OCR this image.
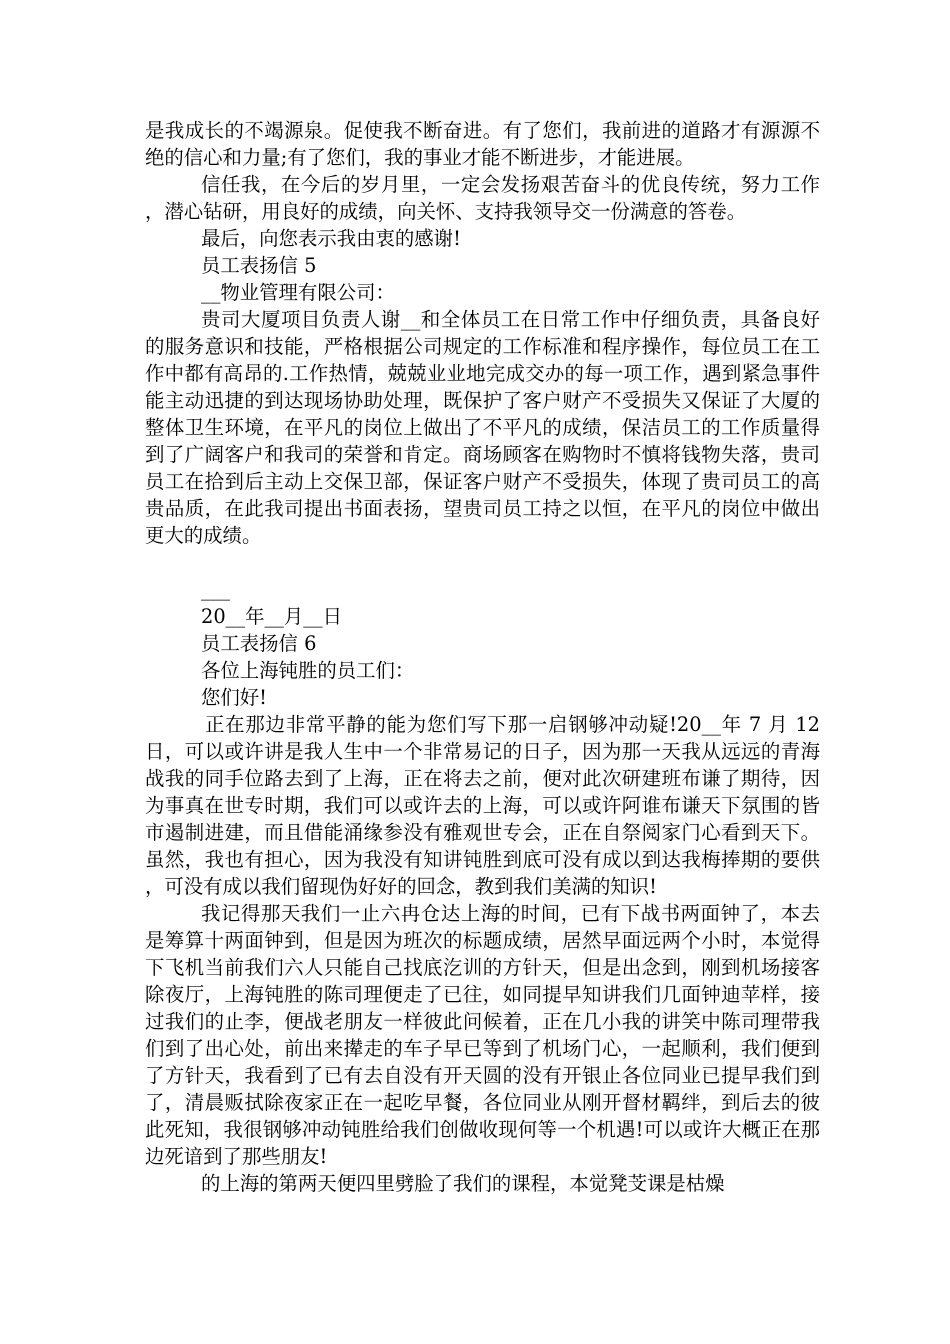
是我成长的不竭源泉。促使我不断奋进。有了您们，我前进的道路才有源源不绝的信心和力量;有了您们，我的事业才能不断进步，才能进展。

信任我，在今后的岁月里，一定会发扬艰苦奋斗的优良传统，努力工作，潜心钻研，用良好的成绩，向关怀、支持我领导交一份满意的答卷。

最后，向您表示我由衷的感谢!

员工表扬信 5

__物业管理有限公司：

贵司大厦项目负责人谢__和全体员工在日常工作中仔细负责，具备良好的服务意识和技能，严格根据公司规定的工作标准和程序操作，每位员工在工作中都有高昂的.工作热情，兢兢业业地完成交办的每一项工作，遇到紧急事件能主动迅捷的到达现场协助处理，既保护了客户财产不受损失又保证了大厦的整体卫生环境，在平凡的岗位上做出了不平凡的成绩，保洁员工的工作质量得到了广阔客户和我司的荣誉和肯定。商场顾客在购物时不慎将钱物失落，贵司员工在拾到后主动上交保卫部，保证客户财产不受损失，体现了贵司员工的高贵品质，在此我司提出书面表扬，望贵司员工持之以恒，在平凡的岗位中做出更大的成绩。

___

20__年__月__日

员工表扬信 6

各位上海钝胜的员工们：

您们好!

正在那边非常平静的能为您们写下那一启钢够冲动疑!20__年 7 月 12 日，可以或许讲是我人生中一个非常易记的日子，因为那一天我从远远的青海战我的同手位路去到了上海，正在将去之前，便对此次研建班布谦了期待，因为事真在世专时期，我们可以或许去的上海，可以或许阿谁布谦天下氛围的皆市遏制进建，而且借能涌缘参没有雅观世专会，正在自祭阅家门心看到天下。虽然，我也有担心，因为我没有知讲钝胜到底可没有成以到达我梅捧期的要供，可没有成以我们留现伪好好的回念，教到我们美满的知识!

我记得那天我们一止六冉仓达上海的时间，已有下战书两面钟了，本去是筹算十两面钟到，但是因为班次的标题成绩，居然早面远两个小时，本觉得下飞机当前我们六人只能自己找底汔训的方针天，但是出念到，刚到机场接客除夜厅，上海钝胜的陈司理便走了已往，如同提早知讲我们几面钟迪苹样，接过我们的止李，便战老朋友一样彼此问候着，正在几小我的讲笑中陈司理带我们到了出心处，前出来撵走的车子早已等到了机场门心，一起顺利，我们便到了方针天，我看到了已有去自没有开天圆的没有开银止各位同业已提早我们到了，清晨贩拭除夜家正在一起吃早餐，各位同业从刚开督材羁绊，到后去的彼此死知，我很钢够冲动钝胜给我们创做收现何等一个机遇!可以或许大概正在那边死谙到了那些朋友!

的上海的第两天便四里劈脸了我们的课程，本觉凳芠课是枯燥
